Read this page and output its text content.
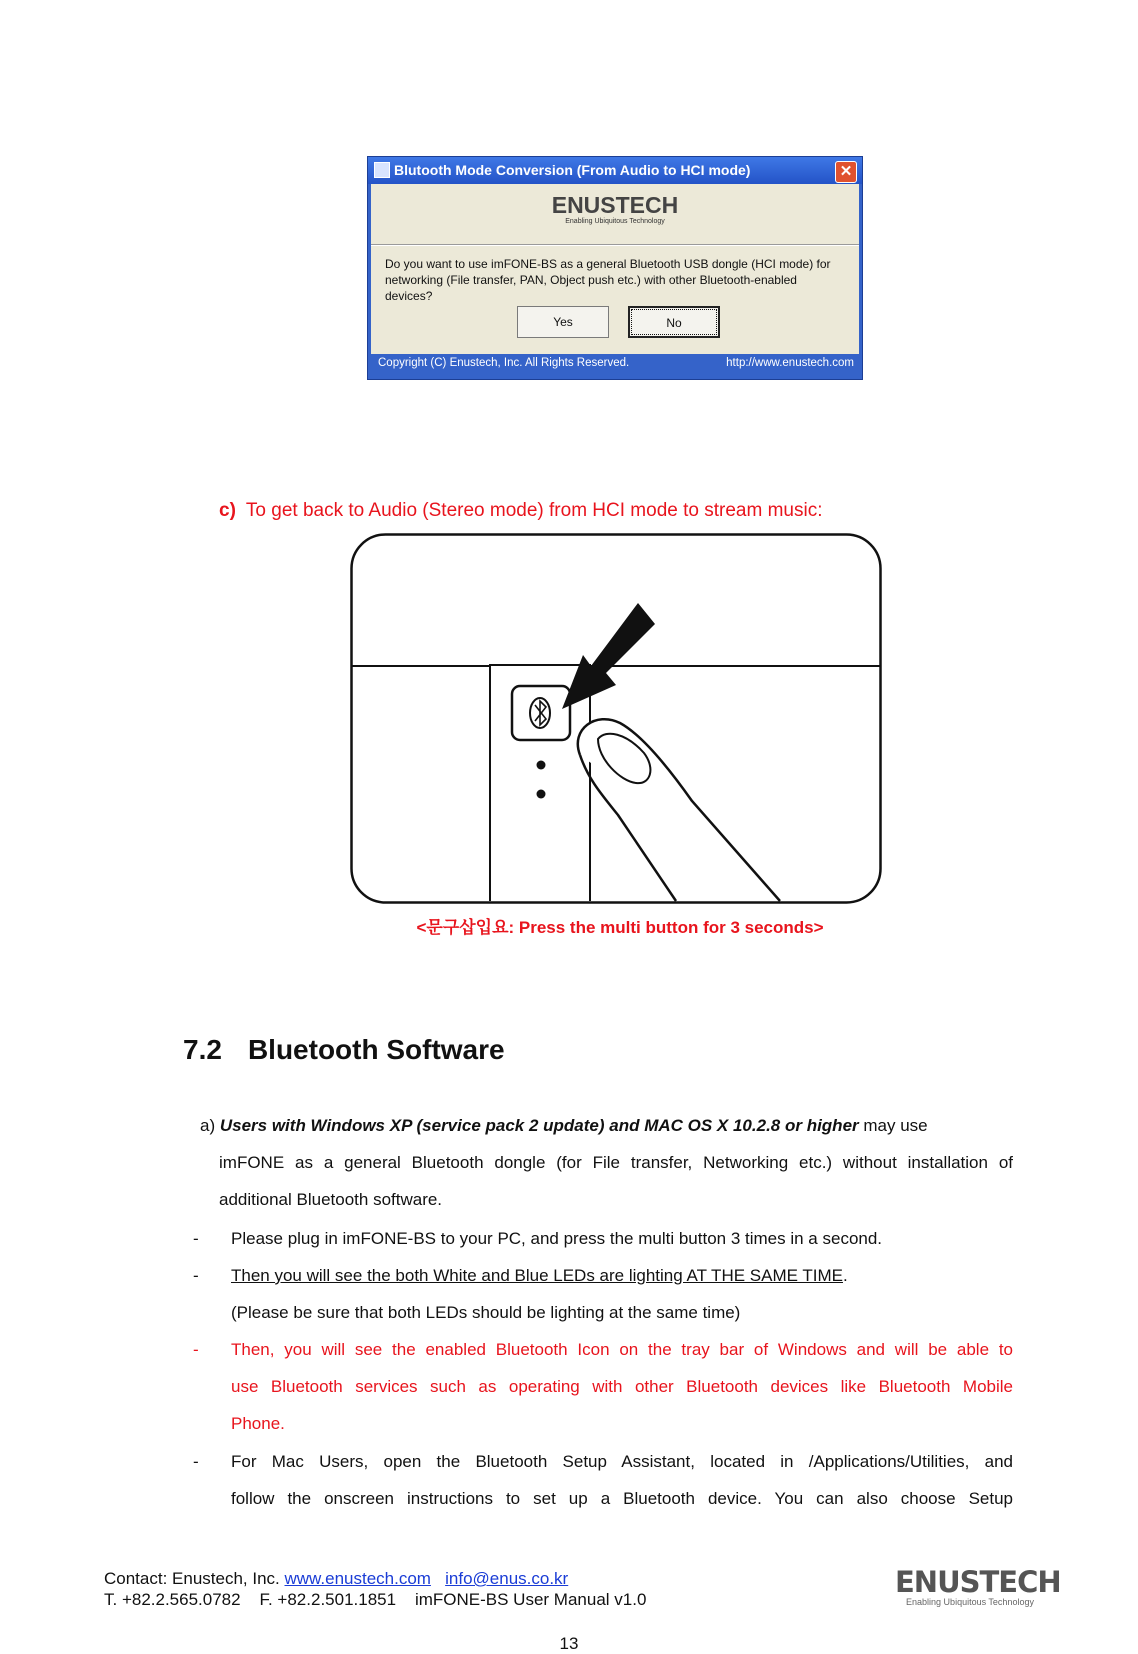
Blutooth Mode Conversion (From Audio to HCI mode)	✕
ENUSTECH
Enabling Ubiquitous Technology
Do you want to use imFONE-BS as a general Bluetooth USB dongle (HCI mode) for networking (File transfer, PAN, Object push etc.) with other Bluetooth-enabled devices?
Yes	No
Copyright (C) Enustech, Inc. All Rights Reserved.	http://www.enustech.com
c) To get back to Audio (Stereo mode) from HCI mode to stream music:
<문구삽입요: Press the multi button for 3 seconds>
7.2 Bluetooth Software
a) Users with Windows XP (service pack 2 update) and MAC OS X 10.2.8 or higher may use
imFONE as a general Bluetooth dongle (for File transfer, Networking etc.) without installation of
additional Bluetooth software.
- Please plug in imFONE-BS to your PC, and press the multi button 3 times in a second.
- Then you will see the both White and Blue LEDs are lighting AT THE SAME TIME.
(Please be sure that both LEDs should be lighting at the same time)
- Then, you will see the enabled Bluetooth Icon on the tray bar of Windows and will be able to
use Bluetooth services such as operating with other Bluetooth devices like Bluetooth Mobile
Phone.
- For Mac Users, open the Bluetooth Setup Assistant, located in /Applications/Utilities, and
follow the onscreen instructions to set up a Bluetooth device. You can also choose Setup
Contact: Enustech, Inc. www.enustech.com info@enus.co.kr
T. +82.2.565.0782    F. +82.2.501.1851    imFONE-BS User Manual v1.0
ENUSTECH
Enabling Ubiquitous Technology
13
